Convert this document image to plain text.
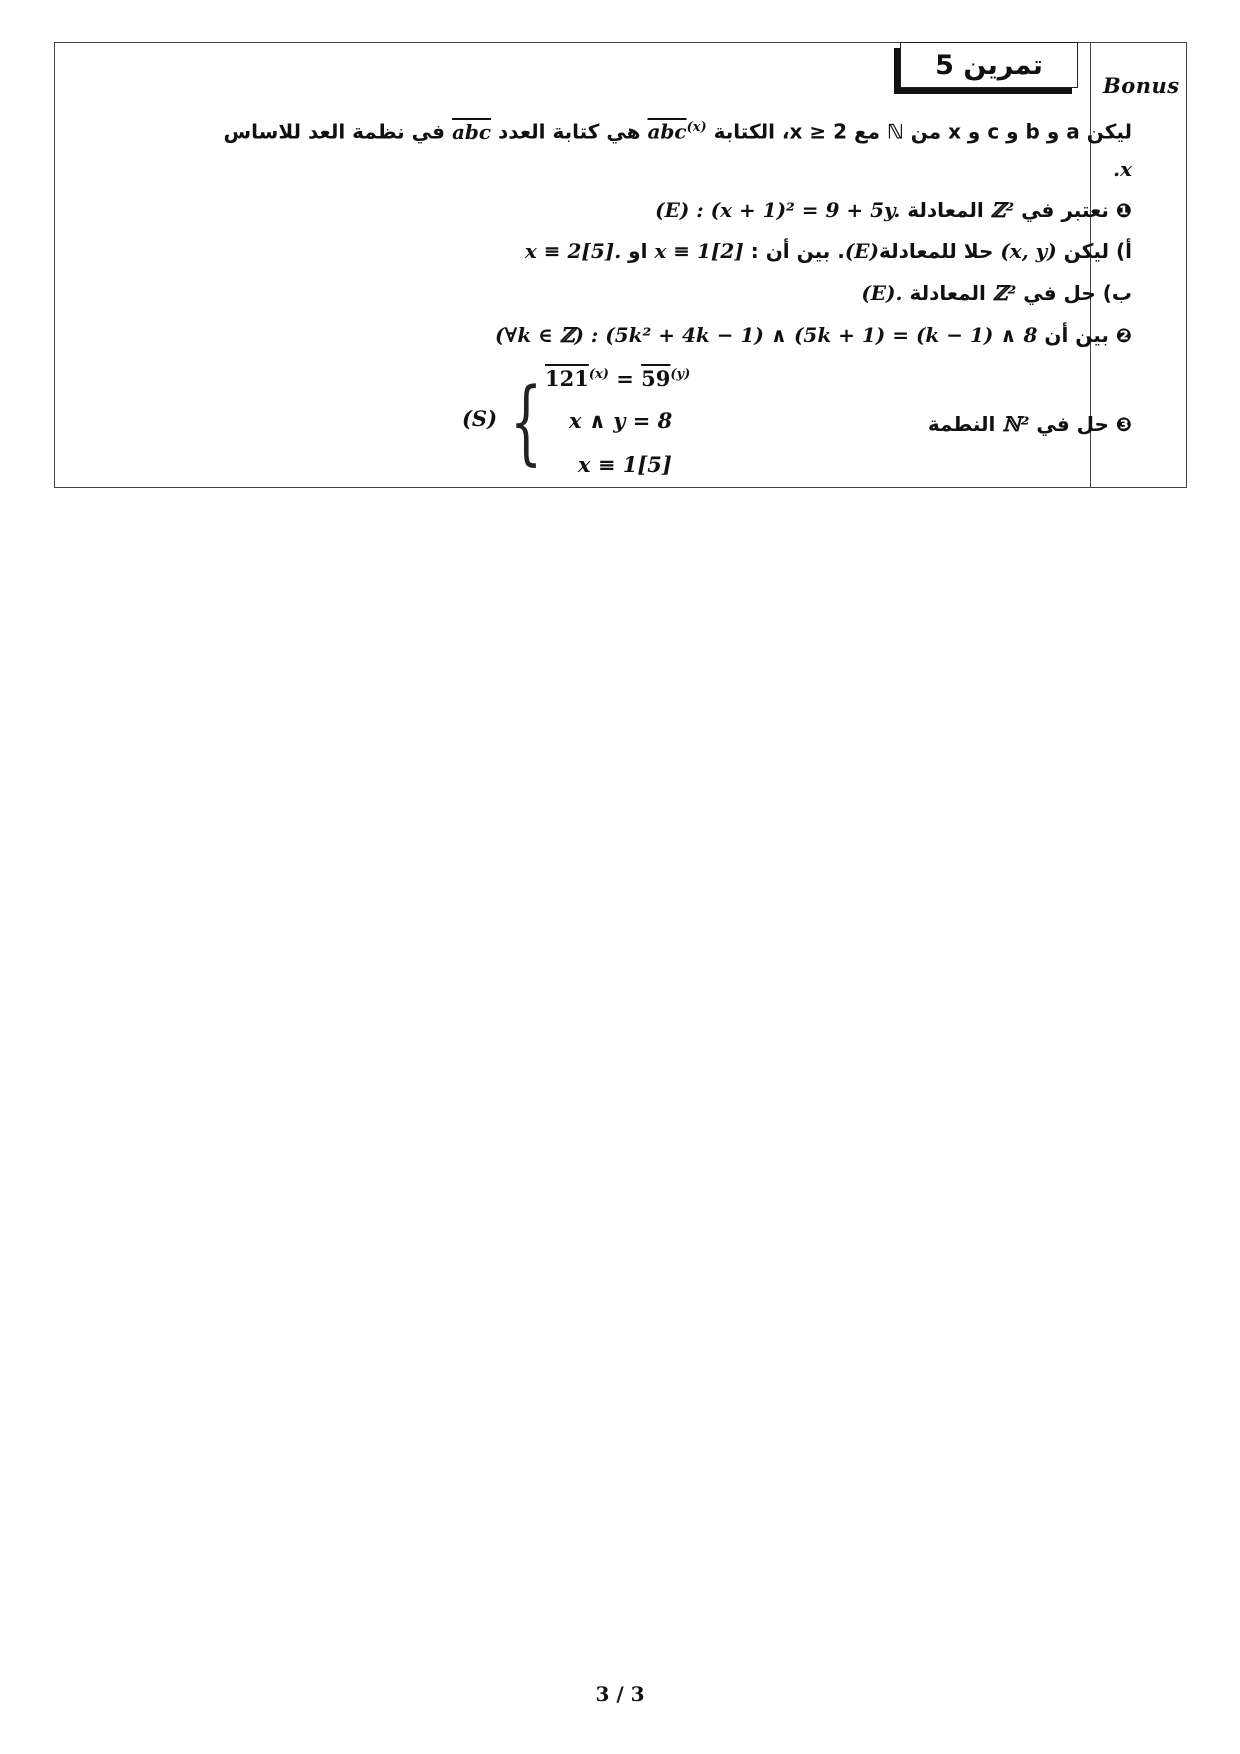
Bonus
تمرين 5
ليكن a و b و c و x من ℕ مع 2 ≤ x، الكتابة $\overline{abc}^{(x)}$ هي كتابة العدد $\overline{abc}$ في نظمة العد للاساس
.x
❶ نعتبر في ℤ² المعادلة (E) : (x + 1)² = 9 + 5y.
أ) ليكن (x, y) حلا للمعادلة(E). بين أن : x ≡ 1[2] او x ≡ 2[5].
ب) حل في ℤ² المعادلة (E).
❷ بين أن (∀k ∈ ℤ) : (5k² + 4k − 1) ∧ (5k + 1) = (k − 1) ∧ 8
❸ حل في ℕ² النطمة
(S) { $121^{(x)} = 59^{(y)}$
x ∧ y = 8
x ≡ 1[5]
3 / 3
